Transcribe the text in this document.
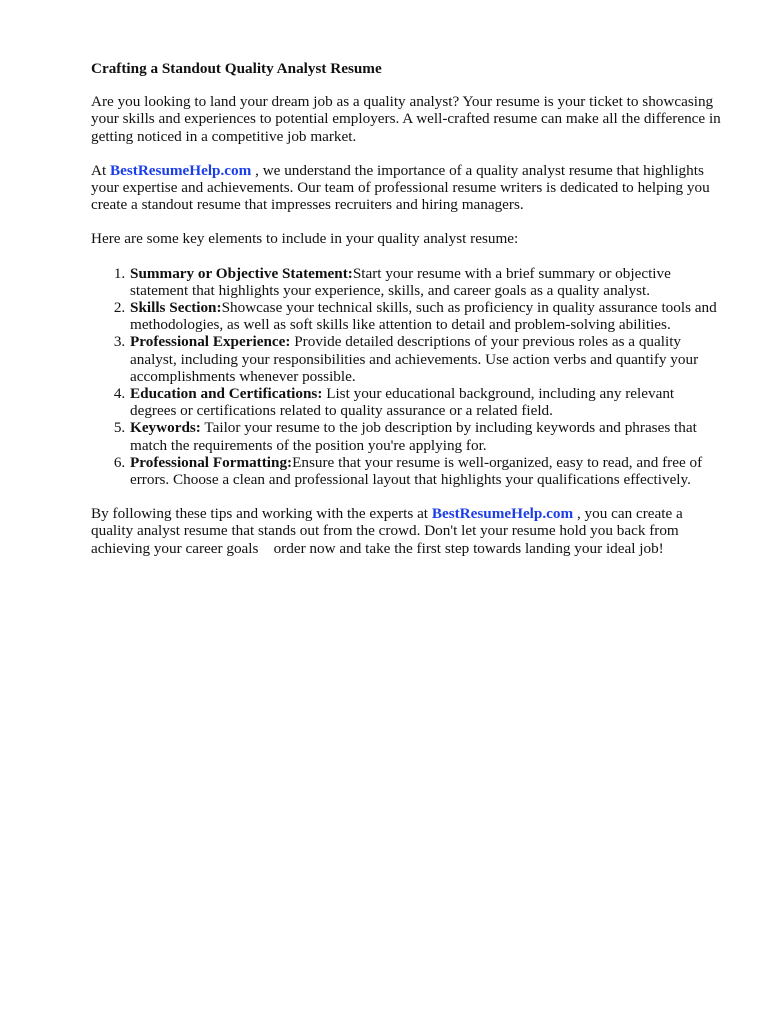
Crafting a Standout Quality Analyst Resume

Are you looking to land your dream job as a quality analyst? Your resume is your ticket to showcasing your skills and experiences to potential employers. A well-crafted resume can make all the difference in getting noticed in a competitive job market.

At BestResumeHelp.com , we understand the importance of a quality analyst resume that highlights your expertise and achievements. Our team of professional resume writers is dedicated to helping you create a standout resume that impresses recruiters and hiring managers.

Here are some key elements to include in your quality analyst resume:

1. Summary or Objective Statement:Start your resume with a brief summary or objective statement that highlights your experience, skills, and career goals as a quality analyst.
2. Skills Section:Showcase your technical skills, such as proficiency in quality assurance tools and methodologies, as well as soft skills like attention to detail and problem-solving abilities.
3. Professional Experience: Provide detailed descriptions of your previous roles as a quality analyst, including your responsibilities and achievements. Use action verbs and quantify your accomplishments whenever possible.
4. Education and Certifications: List your educational background, including any relevant degrees or certifications related to quality assurance or a related field.
5. Keywords: Tailor your resume to the job description by including keywords and phrases that match the requirements of the position you're applying for.
6. Professional Formatting:Ensure that your resume is well-organized, easy to read, and free of errors. Choose a clean and professional layout that highlights your qualifications effectively.

By following these tips and working with the experts at BestResumeHelp.com , you can create a quality analyst resume that stands out from the crowd. Don't let your resume hold you back from achieving your career goals    order now and take the first step towards landing your ideal job!
